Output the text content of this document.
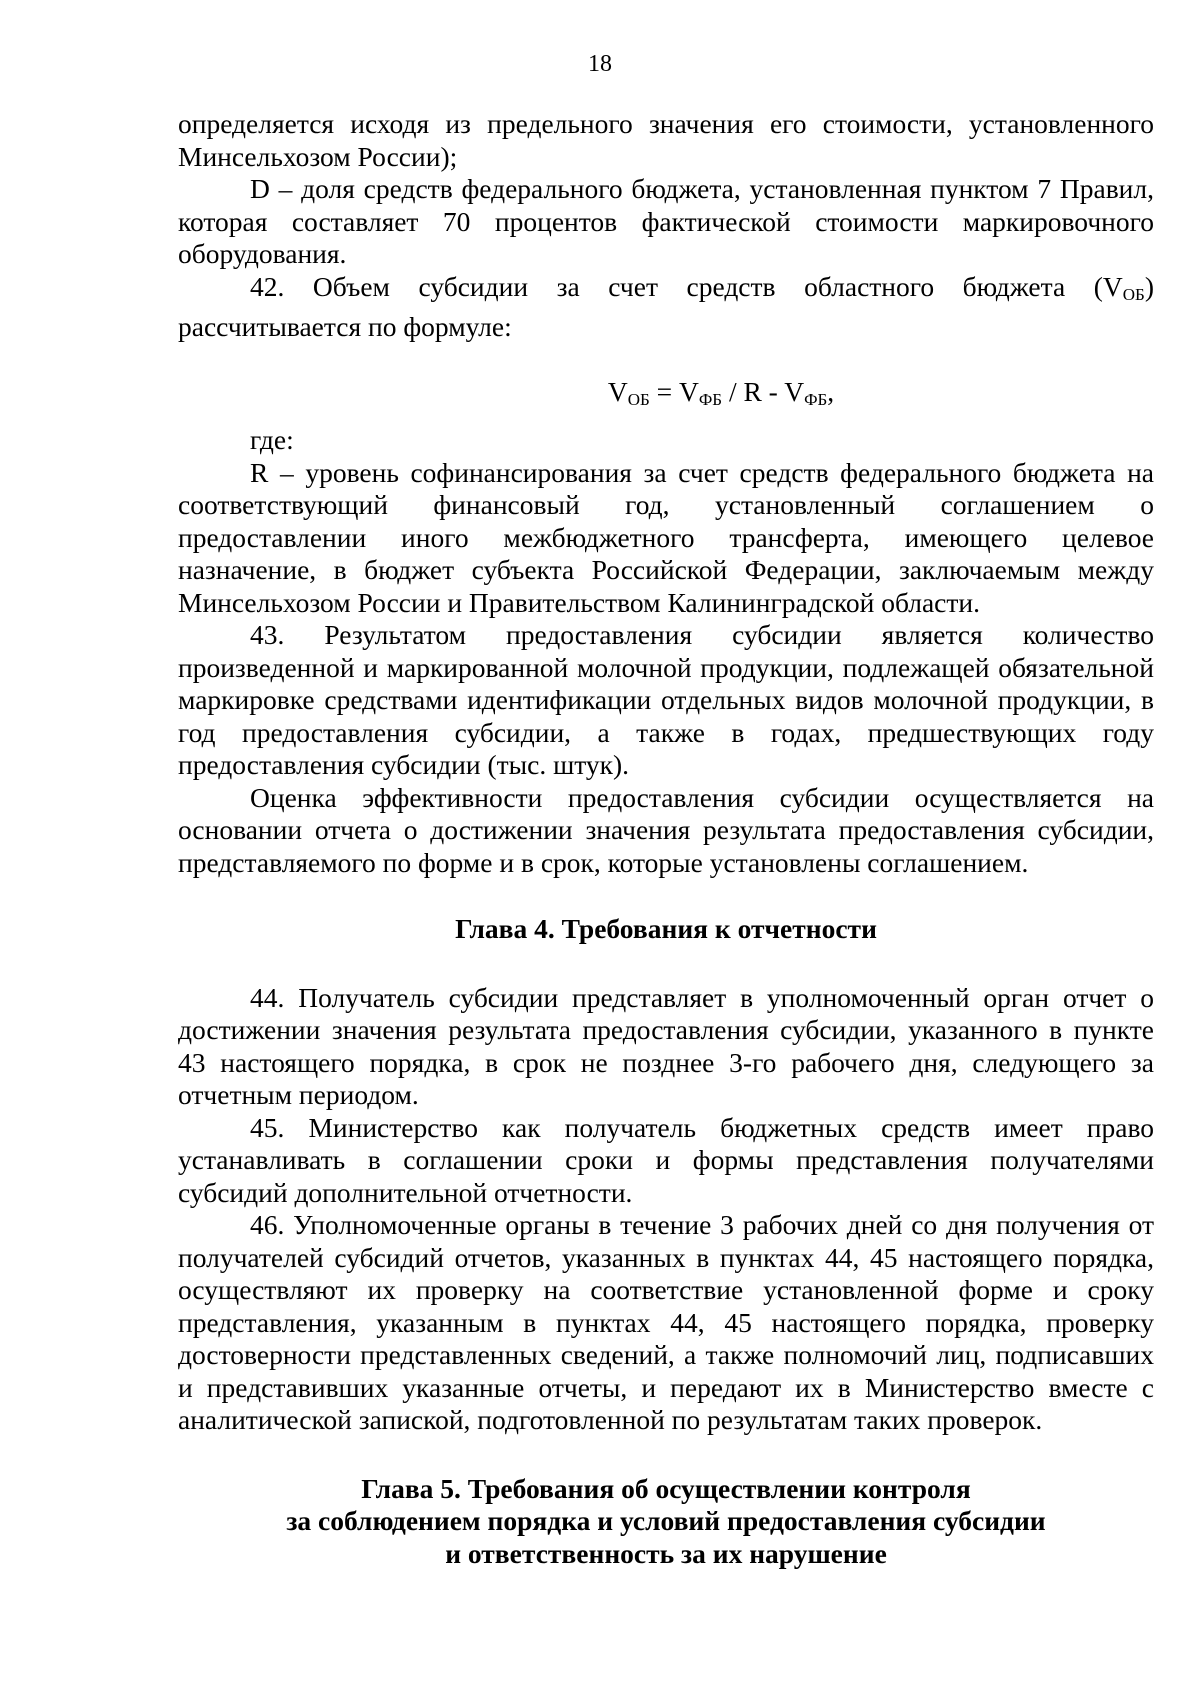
18

определяется исходя из предельного значения его стоимости, установленного Минсельхозом России);

D – доля средств федерального бюджета, установленная пунктом 7 Правил, которая составляет 70 процентов фактической стоимости маркировочного оборудования.

42. Объем субсидии за счет средств областного бюджета $(V_{ОБ})$ рассчитывается по формуле:

$V_{ОБ} = V_{ФБ} / R - V_{ФБ}$,

где:

R – уровень софинансирования за счет средств федерального бюджета на соответствующий финансовый год, установленный соглашением о предоставлении иного межбюджетного трансферта, имеющего целевое назначение, в бюджет субъекта Российской Федерации, заключаемым между Минсельхозом России и Правительством Калининградской области.

43. Результатом предоставления субсидии является количество произведенной и маркированной молочной продукции, подлежащей обязательной маркировке средствами идентификации отдельных видов молочной продукции, в год предоставления субсидии, а также в годах, предшествующих году предоставления субсидии (тыс. штук).

Оценка эффективности предоставления субсидии осуществляется на основании отчета о достижении значения результата предоставления субсидии, представляемого по форме и в срок, которые установлены соглашением.

Глава 4. Требования к отчетности

44. Получатель субсидии представляет в уполномоченный орган отчет о достижении значения результата предоставления субсидии, указанного в пункте 43 настоящего порядка, в срок не позднее 3-го рабочего дня, следующего за отчетным периодом.

45. Министерство как получатель бюджетных средств имеет право устанавливать в соглашении сроки и формы представления получателями субсидий дополнительной отчетности.

46. Уполномоченные органы в течение 3 рабочих дней со дня получения от получателей субсидий отчетов, указанных в пунктах 44, 45 настоящего порядка, осуществляют их проверку на соответствие установленной форме и сроку представления, указанным в пунктах 44, 45 настоящего порядка, проверку достоверности представленных сведений, а также полномочий лиц, подписавших и представивших указанные отчеты, и передают их в Министерство вместе с аналитической запиской, подготовленной по результатам таких проверок.

Глава 5. Требования об осуществлении контроля
за соблюдением порядка и условий предоставления субсидии
и ответственность за их нарушение
